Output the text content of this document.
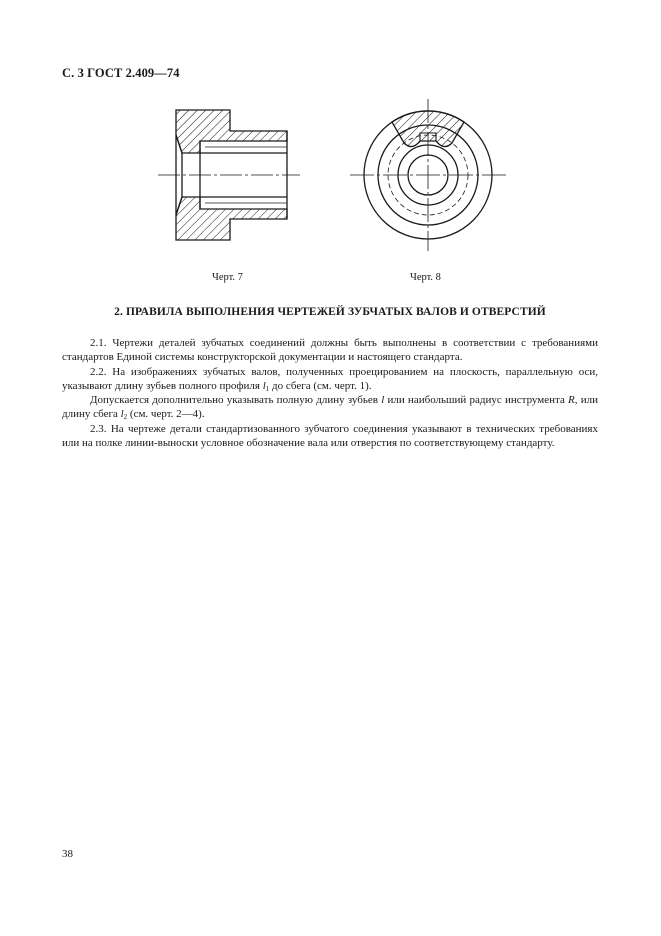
С. 3 ГОСТ 2.409—74
Черт. 7	Черт. 8
2. ПРАВИЛА ВЫПОЛНЕНИЯ ЧЕРТЕЖЕЙ ЗУБЧАТЫХ ВАЛОВ И ОТВЕРСТИЙ

2.1. Чертежи деталей зубчатых соединений должны быть выполнены в соответствии с требованиями стандартов Единой системы конструкторской документации и настоящего стандарта.

2.2. На изображениях зубчатых валов, полученных проецированием на плоскость, параллельную оси, указывают длину зубьев полного профиля $l_1$ до сбега (см. черт. 1).

Допускается дополнительно указывать полную длину зубьев l или наибольший радиус инструмента R, или длину сбега $l_2$ (см. черт. 2—4).

2.3. На чертеже детали стандартизованного зубчатого соединения указывают в технических требованиях или на полке линии-выноски условное обозначение вала или отверстия по соответствующему стандарту.

38
